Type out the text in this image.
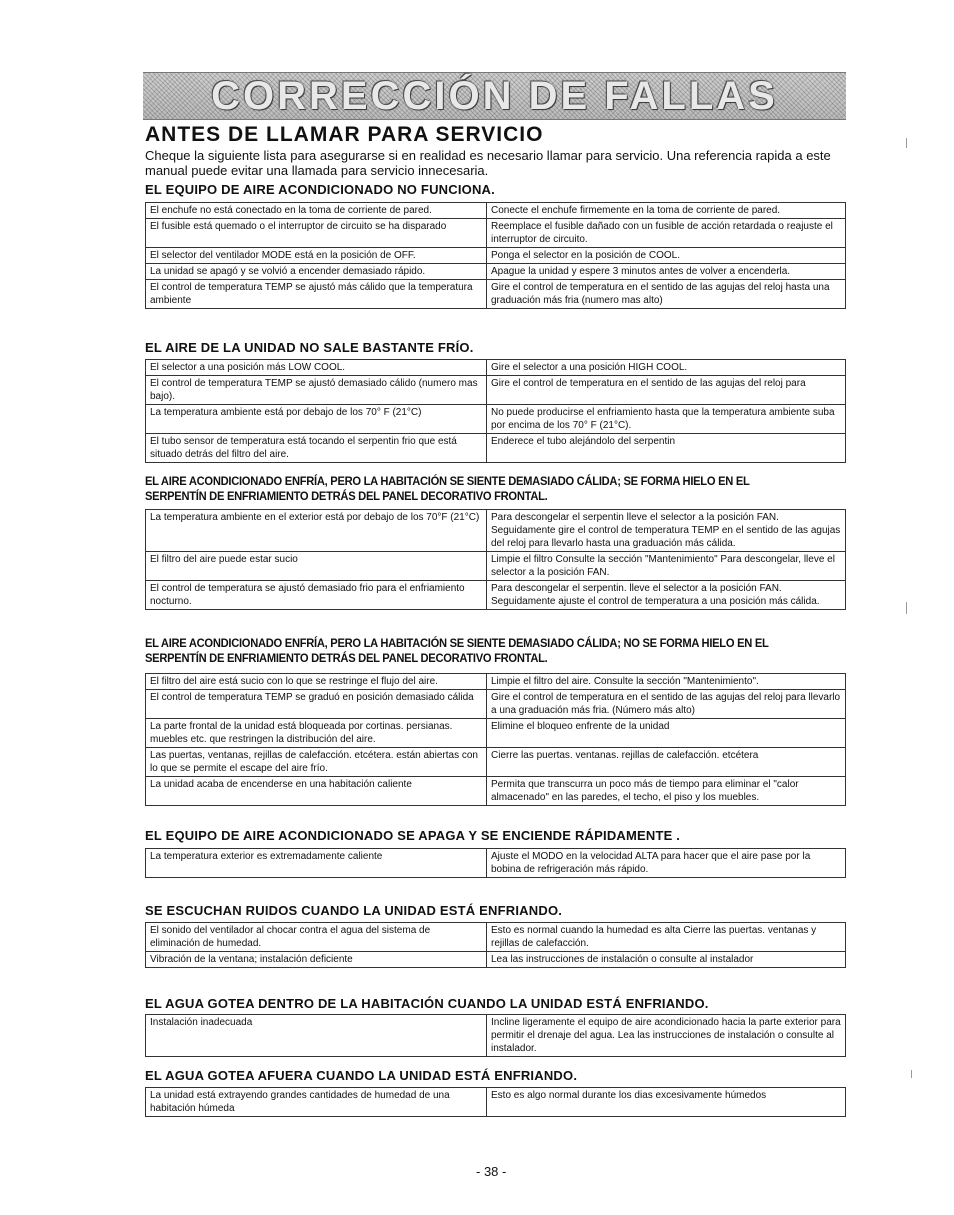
CORRECCIÓN DE FALLAS
ANTES DE LLAMAR PARA SERVICIO
Cheque la siguiente lista para asegurarse si en realidad es necesario llamar para servicio. Una referencia rapida a este manual puede evitar una llamada para servicio innecesaria.
EL EQUIPO DE AIRE ACONDICIONADO NO FUNCIONA.
El enchufe no está conectado en la toma de corriente de pared.	Conecte el enchufe firmemente en la toma de corriente de pared.
El fusible está quemado o el interruptor de circuito se ha disparado	Reemplace el fusible dañado con un fusible de acción retardada o reajuste el interruptor de circuito.
El selector del ventilador MODE está en la posición de OFF.	Ponga el selector en la posición de COOL.
La unidad se apagó y se volvió a encender demasiado rápido.	Apague la unidad y espere 3 minutos antes de volver a encenderla.
El control de temperatura TEMP se ajustó más cálido que la temperatura ambiente	Gire el control de temperatura en el sentido de las agujas del reloj hasta una graduación más fria (numero mas alto)
EL AIRE DE LA UNIDAD NO SALE BASTANTE FRÍO.
El selector a una posición más LOW COOL.	Gire el selector a una posición HIGH COOL.
El control de temperatura TEMP se ajustó demasiado cálido (numero mas bajo).	Gire el control de temperatura en el sentido de las agujas del reloj para
La temperatura ambiente está por debajo de los 70° F (21°C)	No puede producirse el enfriamiento hasta que la temperatura ambiente suba por encima de los 70° F (21°C).
El tubo sensor de temperatura está tocando el serpentin frio que está situado detrás del filtro del aire.	Enderece el tubo alejándolo del serpentin
EL AIRE ACONDICIONADO ENFRÍA, PERO LA HABITACIÓN SE SIENTE DEMASIADO CÁLIDA; SE FORMA HIELO EN EL SERPENTÍN DE ENFRIAMIENTO DETRÁS DEL PANEL DECORATIVO FRONTAL.
La temperatura ambiente en el exterior está por debajo de los 70°F (21°C)	Para descongelar el serpentin lleve el selector a la posición FAN. Seguidamente gire el control de temperatura TEMP en el sentido de las agujas del reloj para llevarlo hasta una graduación más cálida.
El filtro del aire puede estar sucio	Limpie el filtro Consulte la sección "Mantenimiento" Para descongelar, lleve el selector a la posición FAN.
El control de temperatura se ajustó demasiado frio para el enfriamiento nocturno.	Para descongelar el serpentin. lleve el selector a la posición FAN. Seguidamente ajuste el control de temperatura a una posición más cálida.
EL AIRE ACONDICIONADO ENFRÍA, PERO LA HABITACIÓN SE SIENTE DEMASIADO CÁLIDA; NO SE FORMA HIELO EN EL SERPENTÍN DE ENFRIAMIENTO DETRÁS DEL PANEL DECORATIVO FRONTAL.
El filtro del aire está sucio con lo que se restringe el flujo del aire.	Limpie el filtro del aire. Consulte la sección "Mantenimiento".
El control de temperatura TEMP se graduó en posición demasiado cálida	Gire el control de temperatura en el sentido de las agujas del reloj para llevarlo a una graduación más fria. (Número más alto)
La parte frontal de la unidad está bloqueada por cortinas. persianas. muebles etc. que restringen la distribución del aire.	Elimine el bloqueo enfrente de la unidad
Las puertas, ventanas, rejillas de calefacción. etcétera. están abiertas con lo que se permite el escape del aire frío.	Cierre las puertas. ventanas. rejillas de calefacción. etcétera
La unidad acaba de encenderse en una habitación caliente	Permita que transcurra un poco más de tiempo para eliminar el "calor almacenado" en las paredes, el techo, el piso y los muebles.
EL EQUIPO DE AIRE ACONDICIONADO SE APAGA Y SE ENCIENDE RÁPIDAMENTE .
La temperatura exterior es extremadamente caliente	Ajuste el MODO en la velocidad ALTA para hacer que el aire pase por la bobina de refrigeración más rápido.
SE ESCUCHAN RUIDOS CUANDO LA UNIDAD ESTÁ ENFRIANDO.
El sonido del ventilador al chocar contra el agua del sistema de eliminación de humedad.	Esto es normal cuando la humedad es alta Cierre las puertas. ventanas y rejillas de calefacción.
Vibración de la ventana; instalación deficiente	Lea las instrucciones de instalación o consulte al instalador
EL AGUA GOTEA DENTRO DE LA HABITACIÓN CUANDO LA UNIDAD ESTÁ ENFRIANDO.
Instalación inadecuada	Incline ligeramente el equipo de aire acondicionado hacia la parte exterior para permitir el drenaje del agua. Lea las instrucciones de instalación o consulte al instalador.
EL AGUA GOTEA AFUERA CUANDO LA UNIDAD ESTÁ ENFRIANDO.
La unidad está extrayendo grandes cantidades de humedad de una habitación húmeda	Esto es algo normal durante los dias excesivamente húmedos
- 38 -
